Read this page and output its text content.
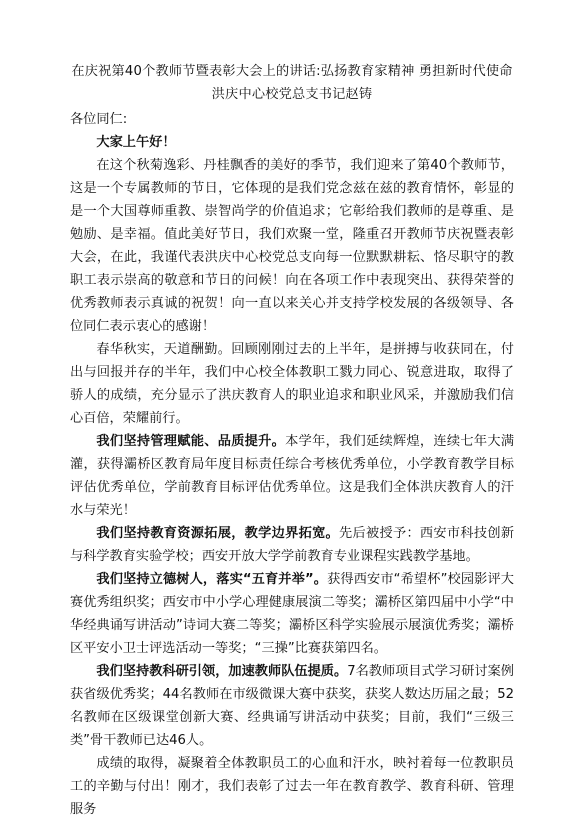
在庆祝第40个教师节暨表彰大会上的讲话:弘扬教育家精神 勇担新时代使命
洪庆中心校党总支书记赵铸
各位同仁:

大家上午好！

在这个秋菊逸彩、丹桂飘香的美好的季节，我们迎来了第40个教师节，这是一个专属教师的节日，它体现的是我们党念兹在兹的教育情怀，彰显的是一个大国尊师重教、崇智尚学的价值追求；它彰给我们教师的是尊重、是勉励、是幸福。值此美好节日，我们欢聚一堂，隆重召开教师节庆祝暨表彰大会，在此，我谨代表洪庆中心校党总支向每一位默默耕耘、恪尽职守的教职工表示崇高的敬意和节日的问候！向在各项工作中表现突出、获得荣誉的优秀教师表示真诚的祝贺！向一直以来关心并支持学校发展的各级领导、各位同仁表示衷心的感谢！

春华秋实，天道酬勤。回顾刚刚过去的上半年，是拼搏与收获同在，付出与回报并存的半年，我们中心校全体教职工戮力同心、锐意进取，取得了骄人的成绩，充分显示了洪庆教育人的职业追求和职业风采，并激励我们信心百倍，荣耀前行。

我们坚持管理赋能、品质提升。本学年，我们延续辉煌，连续七年大满灌，获得灞桥区教育局年度目标责任综合考核优秀单位，小学教育教学目标评估优秀单位，学前教育目标评估优秀单位。这是我们全体洪庆教育人的汗水与荣光！

我们坚持教育资源拓展，教学边界拓宽。先后被授予：西安市科技创新与科学教育实验学校；西安开放大学学前教育专业课程实践教学基地。

我们坚持立德树人，落实“五育并举”。获得西安市“希望杯”校园影评大赛优秀组织奖；西安市中小学心理健康展演二等奖；灞桥区第四届中小学“中华经典诵写讲活动”诗词大赛二等奖；灞桥区科学实验展示展演优秀奖；灞桥区平安小卫士评选活动一等奖；“三操”比赛获第四名。

我们坚持教科研引领，加速教师队伍提质。7名教师项目式学习研讨案例获省级优秀奖；44名教师在市级微课大赛中获奖，获奖人数达历届之最；52名教师在区级课堂创新大赛、经典诵写讲活动中获奖；目前，我们“三级三类”骨干教师已达46人。

成绩的取得，凝聚着全体教职员工的心血和汗水，映衬着每一位教职员工的辛勤与付出！刚才，我们表彰了过去一年在教育教学、教育科研、管理服务
